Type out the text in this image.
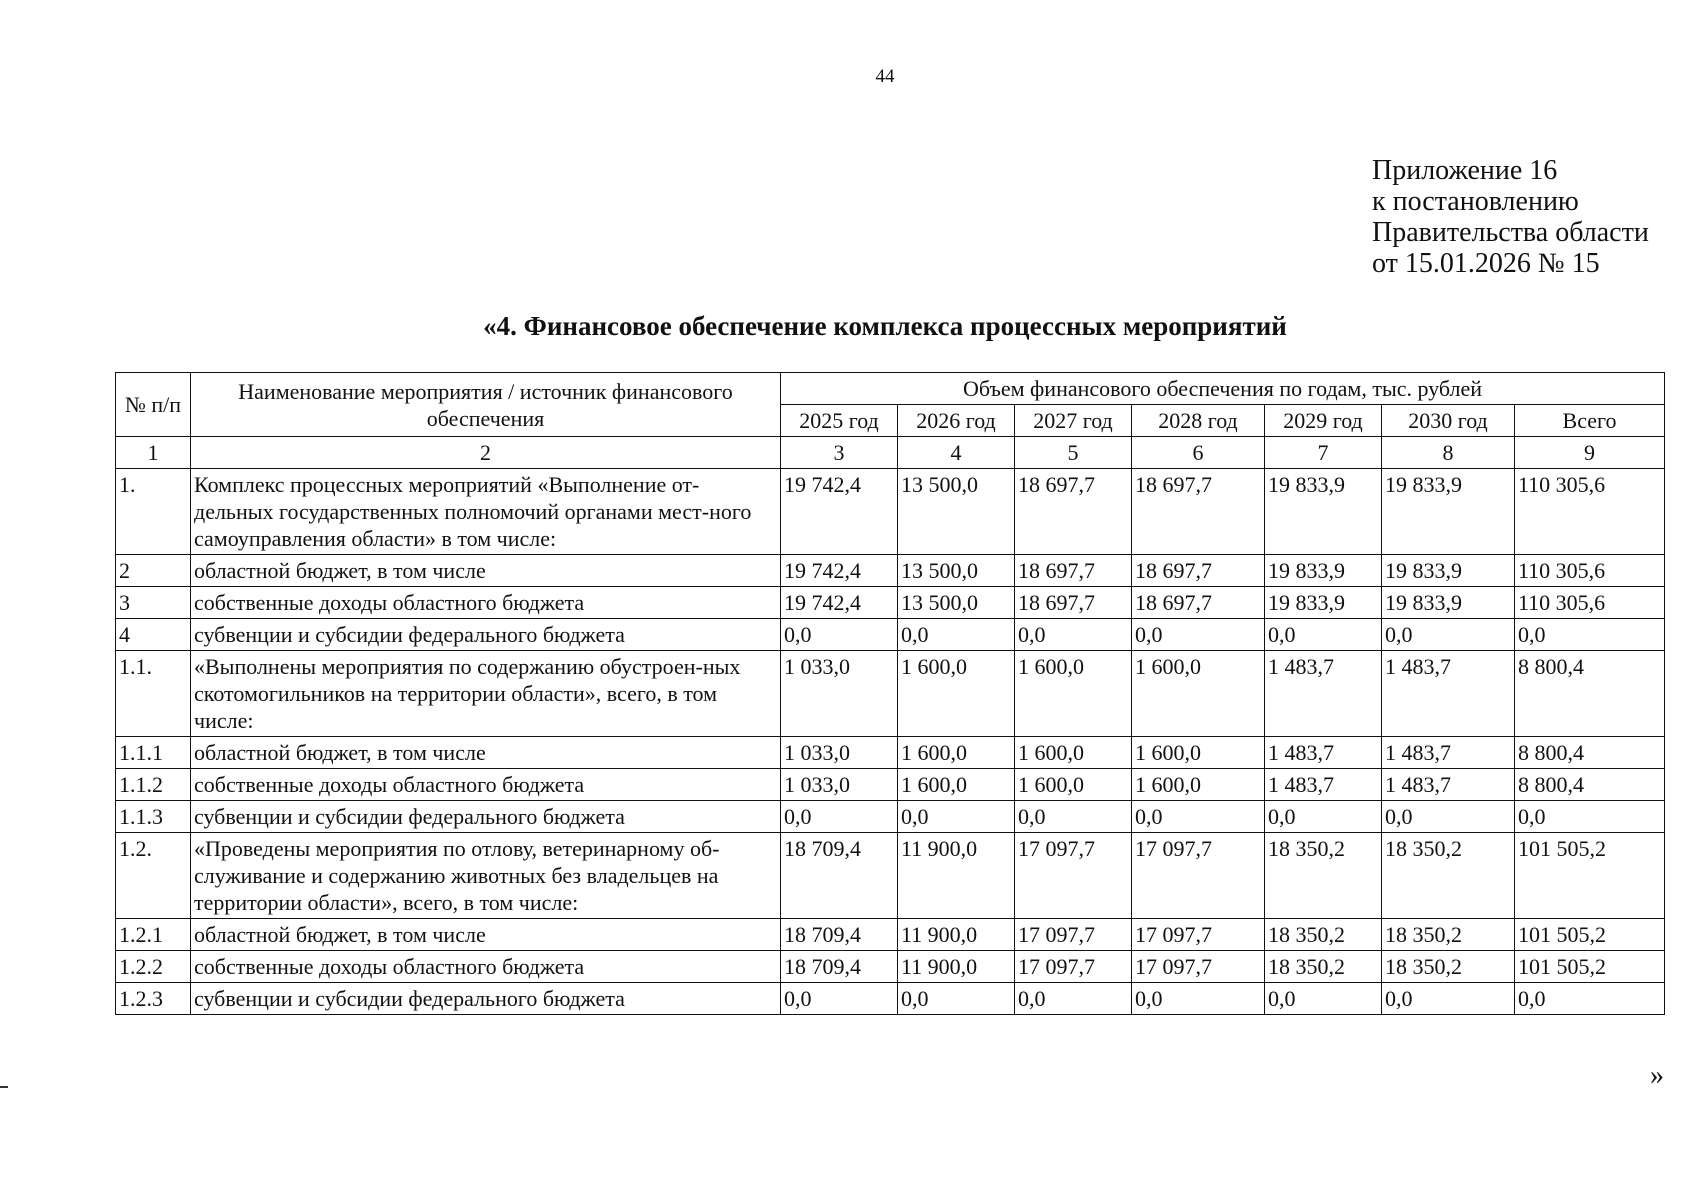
44
Приложение 16
к постановлению
Правительства области
от 15.01.2026 № 15
«4. Финансовое обеспечение комплекса процессных мероприятий
№ п/п	Наименование мероприятия / источник финансового обеспечения	Объем финансового обеспечения по годам, тыс. рублей						
		2025 год	2026 год	2027 год	2028 год	2029 год	2030 год	Всего
1	2	3	4	5	6	7	8	9
1.	Комплекс процессных мероприятий «Выполнение от-дельных государственных полномочий органами мест-ного самоуправления области» в том числе:	19 742,4	13 500,0	18 697,7	18 697,7	19 833,9	19 833,9	110 305,6
2	областной бюджет, в том числе	19 742,4	13 500,0	18 697,7	18 697,7	19 833,9	19 833,9	110 305,6
3	собственные доходы областного бюджета	19 742,4	13 500,0	18 697,7	18 697,7	19 833,9	19 833,9	110 305,6
4	субвенции и субсидии федерального бюджета	0,0	0,0	0,0	0,0	0,0	0,0	0,0
1.1.	«Выполнены мероприятия по содержанию обустроен-ных скотомогильников на территории области», всего, в том числе:	1 033,0	1 600,0	1 600,0	1 600,0	1 483,7	1 483,7	8 800,4
1.1.1	областной бюджет, в том числе	1 033,0	1 600,0	1 600,0	1 600,0	1 483,7	1 483,7	8 800,4
1.1.2	собственные доходы областного бюджета	1 033,0	1 600,0	1 600,0	1 600,0	1 483,7	1 483,7	8 800,4
1.1.3	субвенции и субсидии федерального бюджета	0,0	0,0	0,0	0,0	0,0	0,0	0,0
1.2.	«Проведены мероприятия по отлову, ветеринарному об-служивание и содержанию животных без владельцев на территории области», всего, в том числе:	18 709,4	11 900,0	17 097,7	17 097,7	18 350,2	18 350,2	101 505,2
1.2.1	областной бюджет, в том числе	18 709,4	11 900,0	17 097,7	17 097,7	18 350,2	18 350,2	101 505,2
1.2.2	собственные доходы областного бюджета	18 709,4	11 900,0	17 097,7	17 097,7	18 350,2	18 350,2	101 505,2
1.2.3	субвенции и субсидии федерального бюджета	0,0	0,0	0,0	0,0	0,0	0,0	0,0
»
